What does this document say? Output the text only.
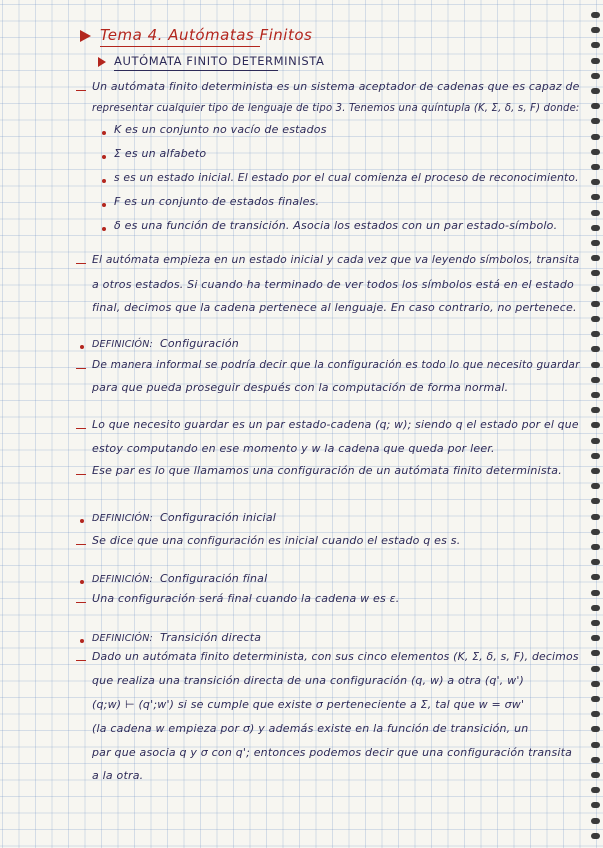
Tema 4. Autómatas Finitos
AUTÓMATA FINITO DETERMINISTA
Un autómata finito determinista es un sistema aceptador de cadenas que es capaz de
representar cualquier tipo de lenguaje de tipo 3. Tenemos una quíntupla (K, Σ, δ, s, F) donde:
K es un conjunto no vacío de estados
Σ es un alfabeto
s es un estado inicial. El estado por el cual comienza el proceso de reconocimiento.
F es un conjunto de estados finales.
δ es una función de transición. Asocia los estados con un par estado-símbolo.
El autómata empieza en un estado inicial y cada vez que va leyendo símbolos, transita
a otros estados. Si cuando ha terminado de ver todos los símbolos está en el estado
final, decimos que la cadena pertenece al lenguaje. En caso contrario, no pertenece.
DEFINICIÓN: Configuración
De manera informal se podría decir que la configuración es todo lo que necesito guardar
para que pueda proseguir después con la computación de forma normal.
Lo que necesito guardar es un par estado-cadena (q; w); siendo q el estado por el que
estoy computando en ese momento y w la cadena que queda por leer.
Ese par es lo que llamamos una configuración de un autómata finito determinista.
DEFINICIÓN: Configuración inicial
Se dice que una configuración es inicial cuando el estado q es s.
DEFINICIÓN: Configuración final
Una configuración será final cuando la cadena w es ε.
DEFINICIÓN: Transición directa
Dado un autómata finito determinista, con sus cinco elementos (K, Σ, δ, s, F), decimos
que realiza una transición directa de una configuración (q, w) a otra (q', w')
(q;w) ⊢ (q';w') si se cumple que existe σ perteneciente a Σ, tal que w = σw'
(la cadena w empieza por σ) y además existe en la función de transición, un
par que asocia q y σ con q'; entonces podemos decir que una configuración transita
a la otra.
